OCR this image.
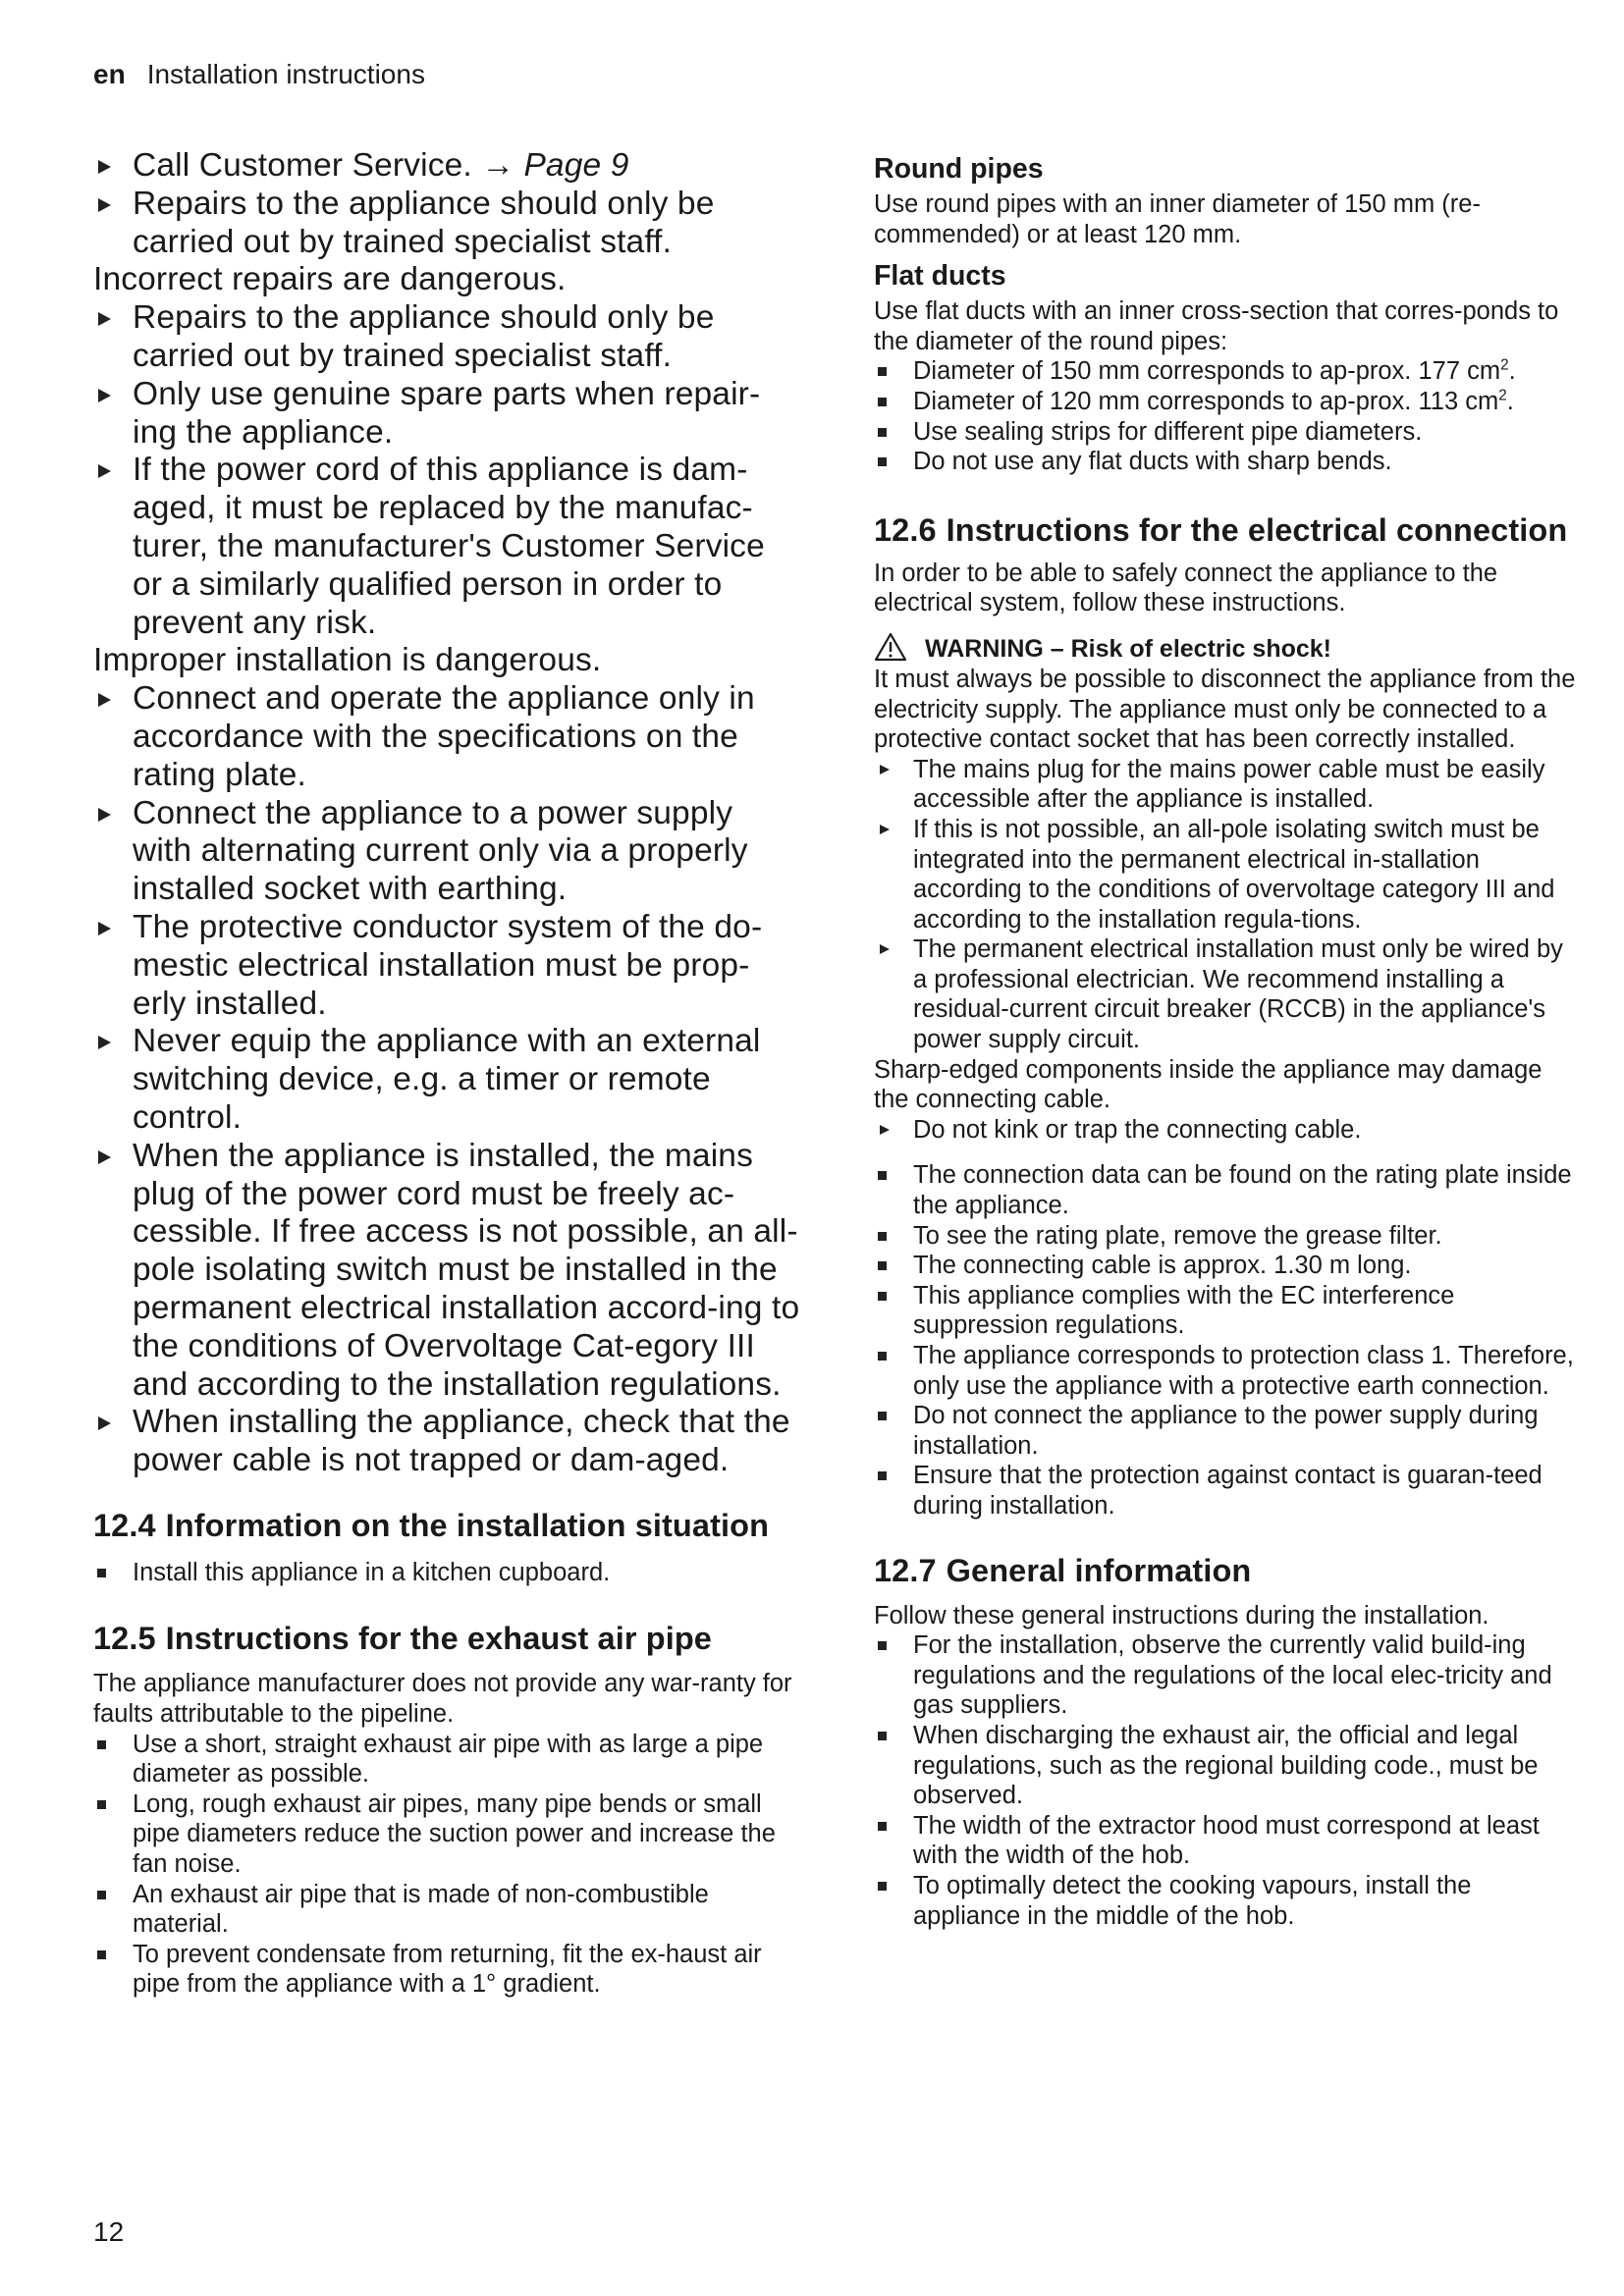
en Installation instructions
Call Customer Service. → Page 9
Repairs to the appliance should only be carried out by trained specialist staff.
Incorrect repairs are dangerous.
Repairs to the appliance should only be carried out by trained specialist staff.
Only use genuine spare parts when repair-ing the appliance.
If the power cord of this appliance is dam-aged, it must be replaced by the manufac-turer, the manufacturer's Customer Service or a similarly qualified person in order to prevent any risk.
Improper installation is dangerous.
Connect and operate the appliance only in accordance with the specifications on the rating plate.
Connect the appliance to a power supply with alternating current only via a properly installed socket with earthing.
The protective conductor system of the do-mestic electrical installation must be prop-erly installed.
Never equip the appliance with an external switching device, e.g. a timer or remote control.
When the appliance is installed, the mains plug of the power cord must be freely ac-cessible. If free access is not possible, an all-pole isolating switch must be installed in the permanent electrical installation accord-ing to the conditions of Overvoltage Cat-egory III and according to the installation regulations.
When installing the appliance, check that the power cable is not trapped or dam-aged.
12.4 Information on the installation situation
Install this appliance in a kitchen cupboard.
12.5 Instructions for the exhaust air pipe
The appliance manufacturer does not provide any war-ranty for faults attributable to the pipeline.
Use a short, straight exhaust air pipe with as large a pipe diameter as possible.
Long, rough exhaust air pipes, many pipe bends or small pipe diameters reduce the suction power and increase the fan noise.
An exhaust air pipe that is made of non-combustible material.
To prevent condensate from returning, fit the ex-haust air pipe from the appliance with a 1° gradient.
Round pipes
Use round pipes with an inner diameter of 150 mm (re-commended) or at least 120 mm.
Flat ducts
Use flat ducts with an inner cross-section that corres-ponds to the diameter of the round pipes:
Diameter of 150 mm corresponds to ap-prox. 177 $cm^2$.
Diameter of 120 mm corresponds to ap-prox. 113 $cm^2$.
Use sealing strips for different pipe diameters.
Do not use any flat ducts with sharp bends.
12.6 Instructions for the electrical connection
In order to be able to safely connect the appliance to the electrical system, follow these instructions.
WARNING – Risk of electric shock!
It must always be possible to disconnect the appliance from the electricity supply. The appliance must only be connected to a protective contact socket that has been correctly installed.
The mains plug for the mains power cable must be easily accessible after the appliance is installed.
If this is not possible, an all-pole isolating switch must be integrated into the permanent electrical in-stallation according to the conditions of overvoltage category III and according to the installation regula-tions.
The permanent electrical installation must only be wired by a professional electrician. We recommend installing a residual-current circuit breaker (RCCB) in the appliance's power supply circuit.
Sharp-edged components inside the appliance may damage the connecting cable.
Do not kink or trap the connecting cable.
The connection data can be found on the rating plate inside the appliance.
To see the rating plate, remove the grease filter.
The connecting cable is approx. 1.30 m long.
This appliance complies with the EC interference suppression regulations.
The appliance corresponds to protection class 1. Therefore, only use the appliance with a protective earth connection.
Do not connect the appliance to the power supply during installation.
Ensure that the protection against contact is guaran-teed during installation.
12.7 General information
Follow these general instructions during the installation.
For the installation, observe the currently valid build-ing regulations and the regulations of the local elec-tricity and gas suppliers.
When discharging the exhaust air, the official and legal regulations, such as the regional building code., must be observed.
The width of the extractor hood must correspond at least with the width of the hob.
To optimally detect the cooking vapours, install the appliance in the middle of the hob.
12
